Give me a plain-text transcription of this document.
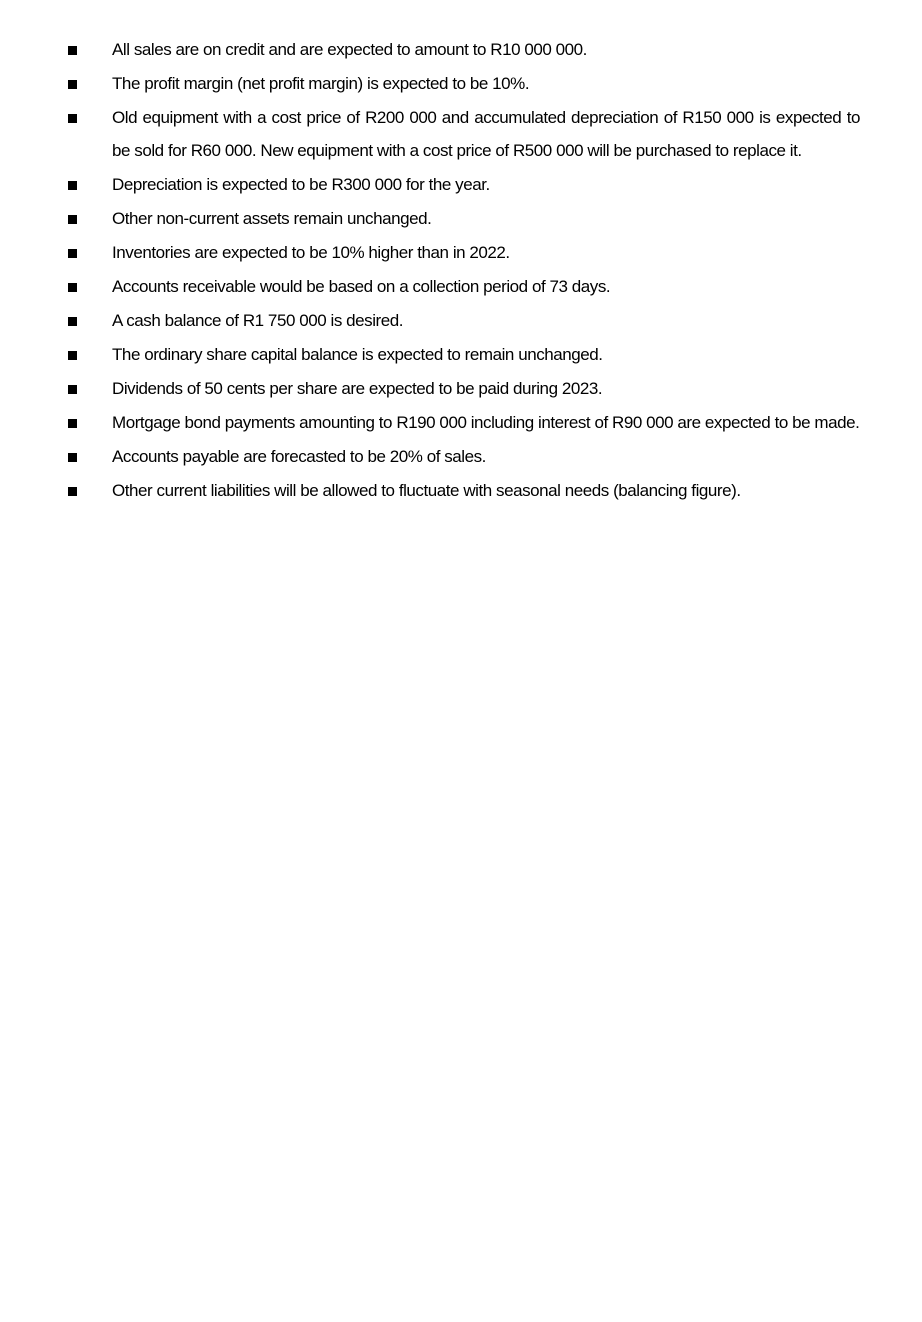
All sales are on credit and are expected to amount to R10 000 000.
The profit margin (net profit margin) is expected to be 10%.
Old equipment with a cost price of R200 000 and accumulated depreciation of R150 000 is expected to be sold for R60 000. New equipment with a cost price of R500 000 will be purchased to replace it.
Depreciation is expected to be R300 000 for the year.
Other non-current assets remain unchanged.
Inventories are expected to be 10% higher than in 2022.
Accounts receivable would be based on a collection period of 73 days.
A cash balance of R1 750 000 is desired.
The ordinary share capital balance is expected to remain unchanged.
Dividends of 50 cents per share are expected to be paid during 2023.
Mortgage bond payments amounting to R190 000 including interest of R90 000 are expected to be made.
Accounts payable are forecasted to be 20% of sales.
Other current liabilities will be allowed to fluctuate with seasonal needs (balancing figure).
